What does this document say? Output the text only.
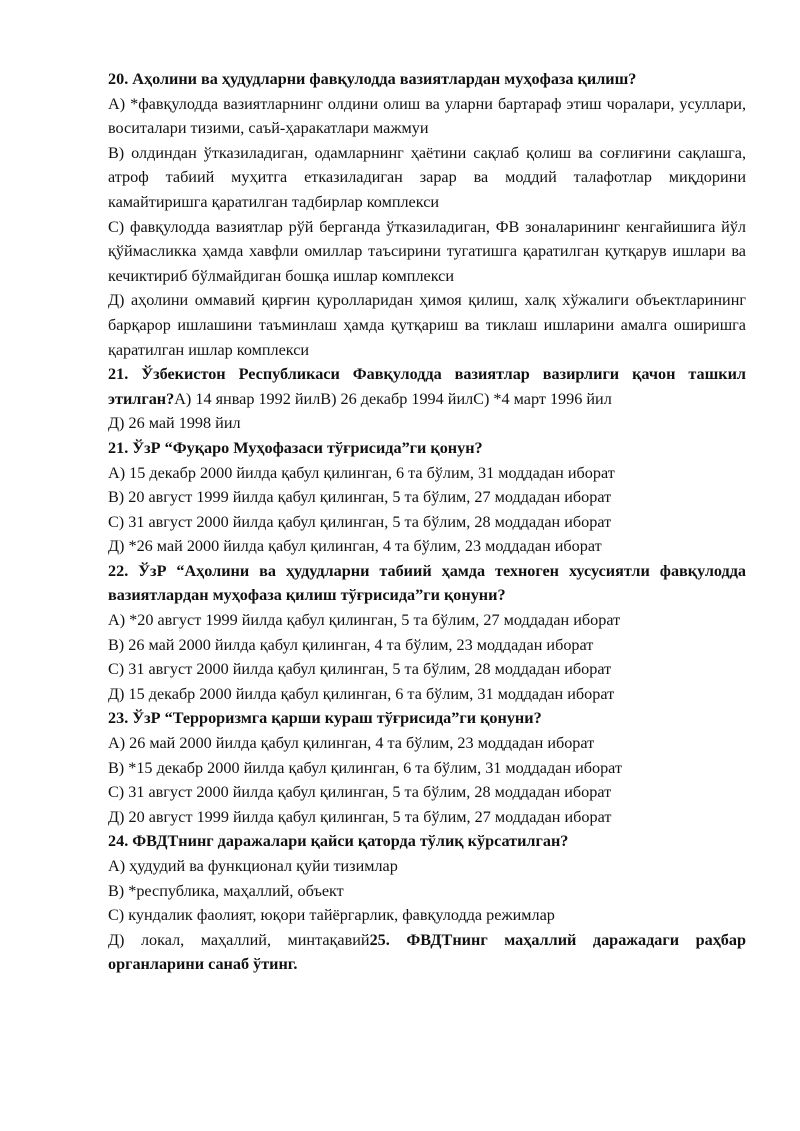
20. Аҳолини ва ҳудудларни фавқулодда вазиятлардан муҳофаза қилиш?
А) *фавқулодда вазиятларнинг олдини олиш ва уларни бартараф этиш чоралари, усуллари, воситалари тизими, саъй-ҳаракатлари мажмуи
В) олдиндан ўтказиладиган, одамларнинг ҳаётини сақлаб қолиш ва соғлиғини сақлашга, атроф табиий муҳитга етказиладиган зарар ва моддий талафотлар миқдорини камайтиришга қаратилган тадбирлар комплекси
С) фавқулодда вазиятлар рўй берганда ўтказиладиган, ФВ зоналарининг кенгайишига йўл қўймасликка ҳамда хавфли омиллар таъсирини тугатишга қаратилган қутқарув ишлари ва кечиктириб бўлмайдиган бошқа ишлар комплекси
Д) аҳолини оммавий қирғин қуролларидан ҳимоя қилиш, халқ хўжалиги объектларининг барқарор ишлашини таъминлаш ҳамда қутқариш ва тиклаш ишларини амалга оширишга қаратилган ишлар комплекси
21. Ўзбекистон Республикаси Фавқулодда вазиятлар вазирлиги қачон ташкил этилган?А) 14 январ 1992 йилВ) 26 декабр 1994 йилС) *4 март 1996 йил
Д) 26 май 1998 йил
21. ЎзР “Фуқаро Муҳофазаси тўғрисида”ги қонун?
А) 15 декабр 2000 йилда қабул қилинган, 6 та бўлим, 31 моддадан иборат
В) 20 август 1999 йилда қабул қилинган, 5 та бўлим, 27 моддадан иборат
С) 31 август 2000 йилда қабул қилинган, 5 та бўлим, 28 моддадан иборат
Д) *26 май 2000 йилда қабул қилинган, 4 та бўлим, 23 моддадан иборат
22. ЎзР “Аҳолини ва ҳудудларни табиий ҳамда техноген хусусиятли фавқулодда вазиятлардан муҳофаза қилиш тўғрисида”ги қонуни?
А) *20 август 1999 йилда қабул қилинган, 5 та бўлим, 27 моддадан иборат
В) 26 май 2000 йилда қабул қилинган, 4 та бўлим, 23 моддадан иборат
С) 31 август 2000 йилда қабул қилинган, 5 та бўлим, 28 моддадан иборат
Д) 15 декабр 2000 йилда қабул қилинган, 6 та бўлим, 31 моддадан иборат
23. ЎзР “Терроризмга қарши кураш тўғрисида”ги қонуни?
А) 26 май 2000 йилда қабул қилинган, 4 та бўлим, 23 моддадан иборат
В) *15 декабр 2000 йилда қабул қилинган, 6 та бўлим, 31 моддадан иборат
С) 31 август 2000 йилда қабул қилинган, 5 та бўлим, 28 моддадан иборат
Д) 20 август 1999 йилда қабул қилинган, 5 та бўлим, 27 моддадан иборат
24. ФВДТнинг даражалари қайси қаторда тўлиқ кўрсатилган?
А) ҳудудий ва функционал қуйи тизимлар
В) *республика, маҳаллий, объект
С) кундалик фаолият, юқори тайёргарлик, фавқулодда режимлар
Д) локал, маҳаллий, минтақавий25. ФВДТнинг маҳаллий даражадаги раҳбар органларини санаб ўтинг.
